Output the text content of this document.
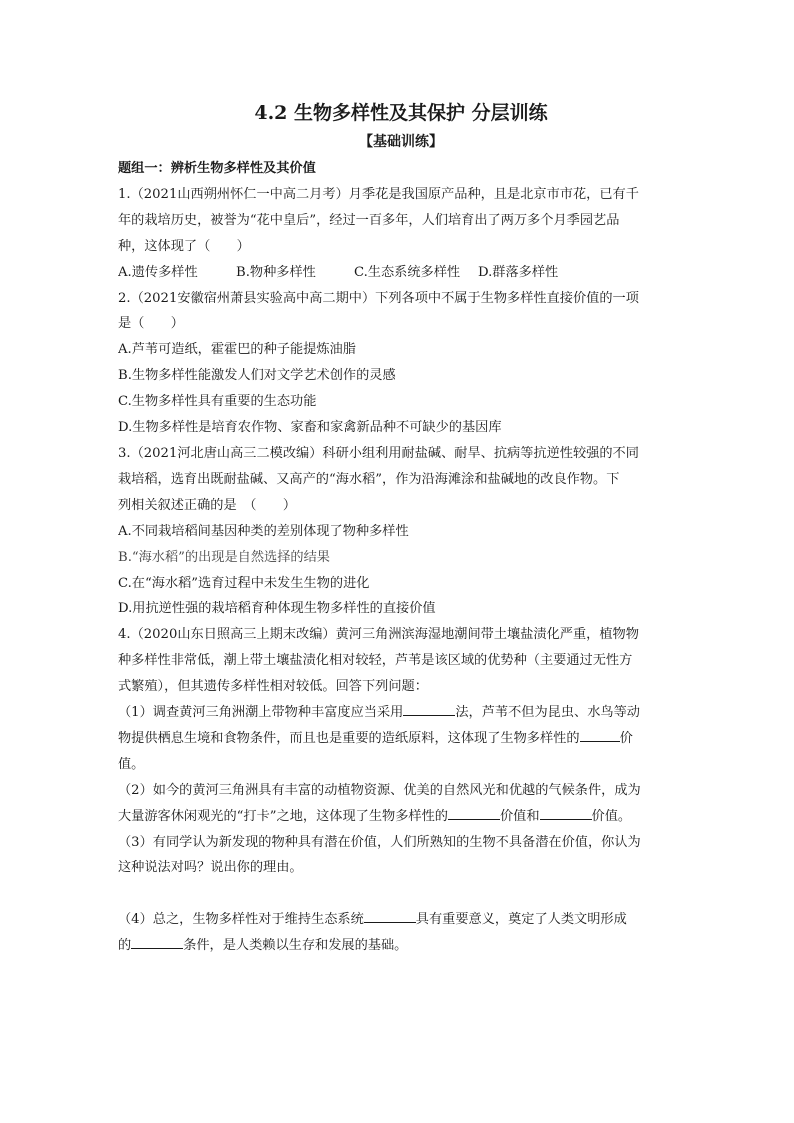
4.2 生物多样性及其保护 分层训练
【基础训练】
题组一：辨析生物多样性及其价值
1.（2021山西朔州怀仁一中高二月考）月季花是我国原产品种，且是北京市市花，已有千
年的栽培历史，被誉为“花中皇后”，经过一百多年，人们培育出了两万多个月季园艺品
种，这体现了（　　）
A.遗传多样性	B.物种多样性	C.生态系统多样性 D.群落多样性
2.（2021安徽宿州萧县实验高中高二期中）下列各项中不属于生物多样性直接价值的一项
是（　　）
A.芦苇可造纸，霍霍巴的种子能提炼油脂
B.生物多样性能激发人们对文学艺术创作的灵感
C.生物多样性具有重要的生态功能
D.生物多样性是培育农作物、家畜和家禽新品种不可缺少的基因库
3.（2021河北唐山高三二模改编）科研小组利用耐盐碱、耐旱、抗病等抗逆性较强的不同
栽培稻，选育出既耐盐碱、又高产的“海水稻”，作为沿海滩涂和盐碱地的改良作物。下
列相关叙述正确的是　（　　）
A.不同栽培稻间基因种类的差别体现了物种多样性
B.“海水稻”的出现是自然选择的结果
C.在“海水稻”选育过程中未发生生物的进化
D.用抗逆性强的栽培稻育种体现生物多样性的直接价值
4.（2020山东日照高三上期末改编）黄河三角洲滨海湿地潮间带土壤盐渍化严重，植物物
种多样性非常低，潮上带土壤盐渍化相对较轻，芦苇是该区域的优势种（主要通过无性方
式繁殖），但其遗传多样性相对较低。回答下列问题：
（1）调查黄河三角洲潮上带物种丰富度应当采用	法，芦苇不但为昆虫、水鸟等动
物提供栖息生境和食物条件，而且也是重要的造纸原料，这体现了生物多样性的	价
值。
（2）如今的黄河三角洲具有丰富的动植物资源、优美的自然风光和优越的气候条件，成为
大量游客休闲观光的“打卡”之地，这体现了生物多样性的	价值和	价值。
（3）有同学认为新发现的物种具有潜在价值，人们所熟知的生物不具备潜在价值，你认为
这种说法对吗？说出你的理由。
（4）总之，生物多样性对于维持生态系统	具有重要意义，奠定了人类文明形成
的	条件，是人类赖以生存和发展的基础。
